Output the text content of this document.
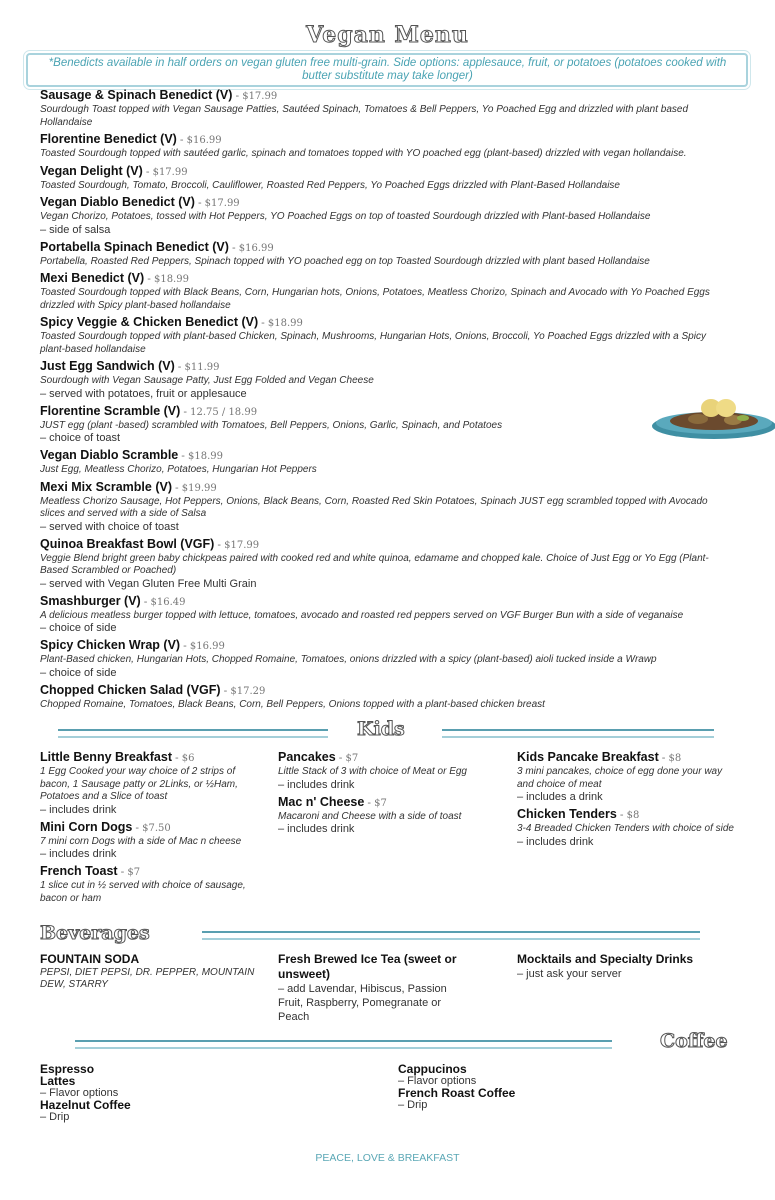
Vegan Menu
*Benedicts available in half orders on vegan gluten free multi-grain. Side options: applesauce, fruit, or potatoes (potatoes cooked with butter substitute may take longer)
Sausage & Spinach Benedict (V) - $17.99
Sourdough Toast topped with Vegan Sausage Patties, Sautéed Spinach, Tomatoes & Bell Peppers, Yo Poached Egg and drizzled with plant based Hollandaise
Florentine Benedict (V) - $16.99
Toasted Sourdough topped with sautéed garlic, spinach and tomatoes topped with YO poached egg (plant-based) drizzled with vegan hollandaise.
Vegan Delight (V) - $17.99
Toasted Sourdough, Tomato, Broccoli, Cauliflower, Roasted Red Peppers, Yo Poached Eggs drizzled with Plant-Based Hollandaise
Vegan Diablo Benedict (V) - $17.99
Vegan Chorizo, Potatoes, tossed with Hot Peppers, YO Poached Eggs on top of toasted Sourdough drizzled with Plant-based Hollandaise
– side of salsa
Portabella Spinach Benedict (V) - $16.99
Portabella, Roasted Red Peppers, Spinach topped with YO poached egg on top Toasted Sourdough drizzled with plant based Hollandaise
Mexi Benedict (V) - $18.99
Toasted Sourdough topped with Black Beans, Corn, Hungarian hots, Onions, Potatoes, Meatless Chorizo, Spinach and Avocado with Yo Poached Eggs drizzled with Spicy plant-based hollandaise
Spicy Veggie & Chicken Benedict (V) - $18.99
Toasted Sourdough topped with plant-based Chicken, Spinach, Mushrooms, Hungarian Hots, Onions, Broccoli, Yo Poached Eggs drizzled with a Spicy plant-based hollandaise
Just Egg Sandwich (V) - $11.99
Sourdough with Vegan Sausage Patty, Just Egg Folded and Vegan Cheese
– served with potatoes, fruit or applesauce
Florentine Scramble (V) - 12.75 / 18.99
JUST egg (plant -based) scrambled with Tomatoes, Bell Peppers, Onions, Garlic, Spinach, and Potatoes
– choice of toast
Vegan Diablo Scramble - $18.99
Just Egg, Meatless Chorizo, Potatoes, Hungarian Hot Peppers
Mexi Mix Scramble (V) - $19.99
Meatless Chorizo Sausage, Hot Peppers, Onions, Black Beans, Corn, Roasted Red Skin Potatoes, Spinach JUST egg scrambled topped with Avocado slices and served with a side of Salsa
– served with choice of toast
Quinoa Breakfast Bowl (VGF) - $17.99
Veggie Blend bright green baby chickpeas paired with cooked red and white quinoa, edamame and chopped kale. Choice of Just Egg or Yo Egg (Plant-Based Scrambled or Poached)
– served with Vegan Gluten Free Multi Grain
Smashburger (V) - $16.49
A delicious meatless burger topped with lettuce, tomatoes, avocado and roasted red peppers served on VGF Burger Bun with a side of veganaise
– choice of side
Spicy Chicken Wrap (V) - $16.99
Plant-Based chicken, Hungarian Hots, Chopped Romaine, Tomatoes, onions drizzled with a spicy (plant-based) aioli tucked inside a Wrawp
– choice of side
Chopped Chicken Salad (VGF) - $17.29
Chopped Romaine, Tomatoes, Black Beans, Corn, Bell Peppers, Onions topped with a plant-based chicken breast
Kids
Little Benny Breakfast - $6
1 Egg Cooked your way choice of 2 strips of bacon, 1 Sausage patty or 2Links, or ½Ham, Potatoes and a Slice of toast
– includes drink
Mini Corn Dogs - $7.50
7 mini corn Dogs with a side of Mac n cheese
– includes drink
French Toast - $7
1 slice cut in ½ served with choice of sausage, bacon or ham
Pancakes - $7
Little Stack of 3 with choice of Meat or Egg
– includes drink
Mac n' Cheese - $7
Macaroni and Cheese with a side of toast
– includes drink
Kids Pancake Breakfast - $8
3 mini pancakes, choice of egg done your way and choice of meat
– includes a drink
Chicken Tenders - $8
3-4 Breaded Chicken Tenders with choice of side
– includes drink
Beverages
FOUNTAIN SODA
PEPSI, DIET PEPSI, DR. PEPPER, MOUNTAIN DEW, STARRY
Fresh Brewed Ice Tea (sweet or unsweet)
– add Lavendar, Hibiscus, Passion Fruit, Raspberry, Pomegranate or Peach
Mocktails and Specialty Drinks
– just ask your server
Coffee
Espresso
Lattes
– Flavor options
Hazelnut Coffee
– Drip
Cappucinos
– Flavor options
French Roast Coffee
– Drip
PEACE, LOVE & BREAKFAST
